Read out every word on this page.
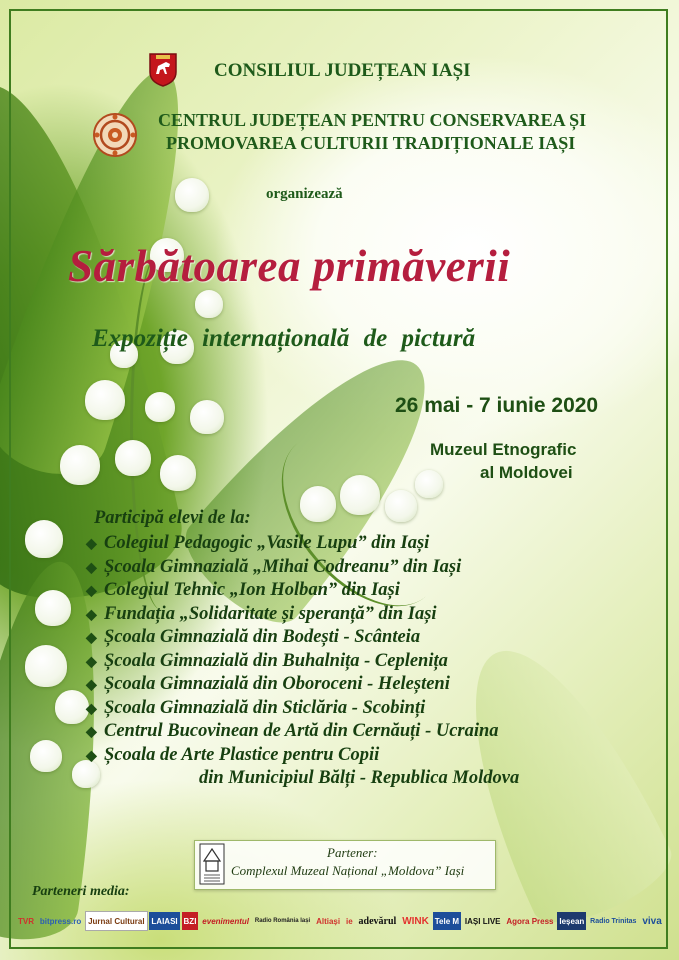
CONSILIUL JUDEȚEAN IAȘI
CENTRUL JUDEȚEAN PENTRU CONSERVAREA ȘI
PROMOVAREA CULTURII TRADIȚIONALE IAȘI
organizează
Sărbătoarea primăverii
Expoziție internațională de pictură
26 mai - 7 iunie 2020
Muzeul Etnografic
al Moldovei
Participă elevi de la:
◆ Colegiul Pedagogic „Vasile Lupu” din Iași
◆ Școala Gimnazială „Mihai Codreanu” din Iași
◆ Colegiul Tehnic „Ion Holban” din Iași
◆ Fundația „Solidaritate și speranță” din Iași
◆ Școala Gimnazială din Bodești - Scânteia
◆ Școala Gimnazială din Buhalnița - Ceplenița
◆ Școala Gimnazială din Oboroceni - Heleșteni
◆ Școala Gimnazială din Sticlăria - Scobinți
◆ Centrul Bucovinean de Artă din Cernăuți - Ucraina
◆ Școala de Arte Plastice pentru Copii
din Municipiul Bălți - Republica Moldova
Partener:
Complexul Muzeal Național „Moldova” Iași
Parteneri media:
TVR bitpress.ro Jurnal Cultural LAIASI BZI evenimentul Radio România Iași Altiași ie adevărul WINK Tele M IAȘI LIVE Agora Press Ieșean Radio Trinitas viva
